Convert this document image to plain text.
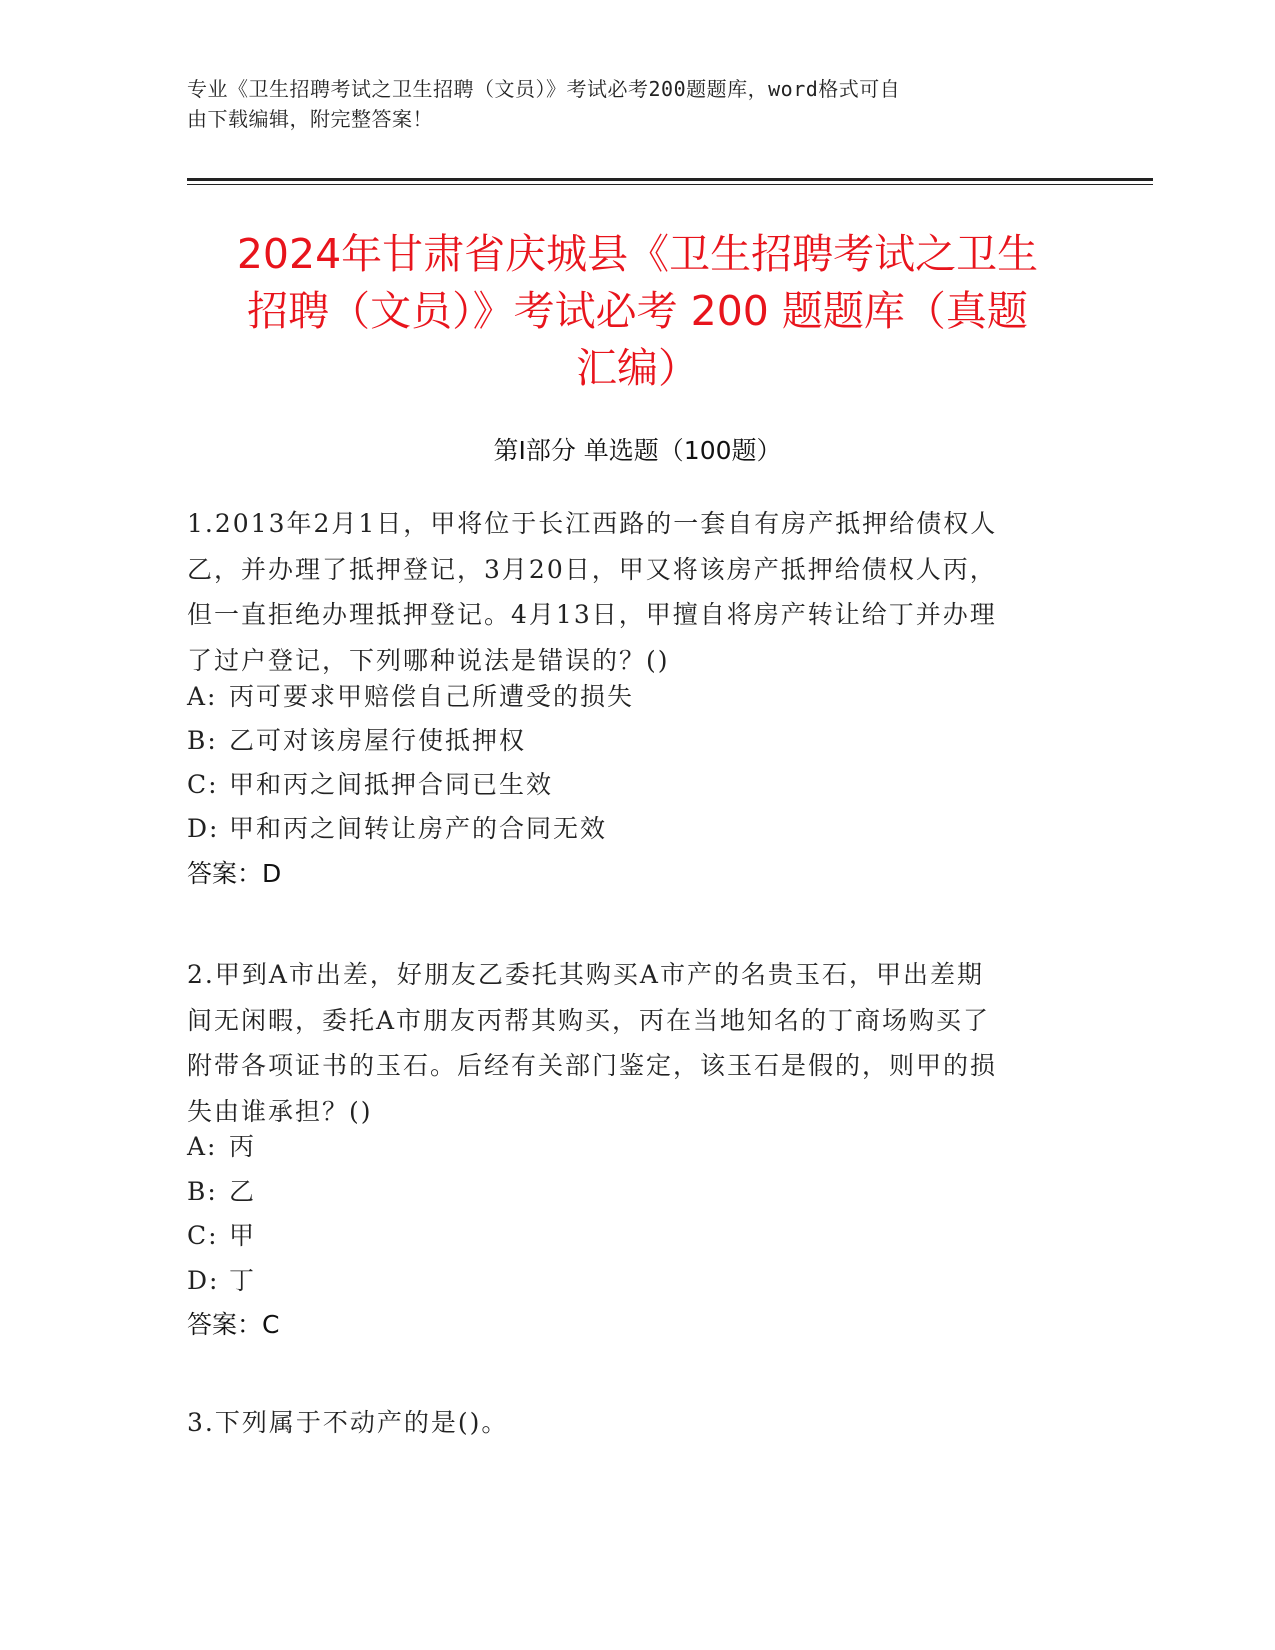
专业《卫生招聘考试之卫生招聘（文员）》考试必考200题题库，word格式可自
由下载编辑，附完整答案！
2024年甘肃省庆城县《卫生招聘考试之卫生
招聘（文员）》考试必考 200 题题库（真题
汇编）
第Ⅰ部分 单选题（100题）
1.2013年2月1日，甲将位于长江西路的一套自有房产抵押给债权人
乙，并办理了抵押登记，3月20日，甲又将该房产抵押给债权人丙，
但一直拒绝办理抵押登记。4月13日，甲擅自将房产转让给丁并办理
了过户登记，下列哪种说法是错误的？()
A: 丙可要求甲赔偿自己所遭受的损失
B: 乙可对该房屋行使抵押权
C: 甲和丙之间抵押合同已生效
D: 甲和丙之间转让房产的合同无效
答案：D
2.甲到A市出差，好朋友乙委托其购买A市产的名贵玉石，甲出差期
间无闲暇，委托A市朋友丙帮其购买，丙在当地知名的丁商场购买了
附带各项证书的玉石。后经有关部门鉴定，该玉石是假的，则甲的损
失由谁承担？()
A: 丙
B: 乙
C: 甲
D: 丁
答案：C
3.下列属于不动产的是()。
